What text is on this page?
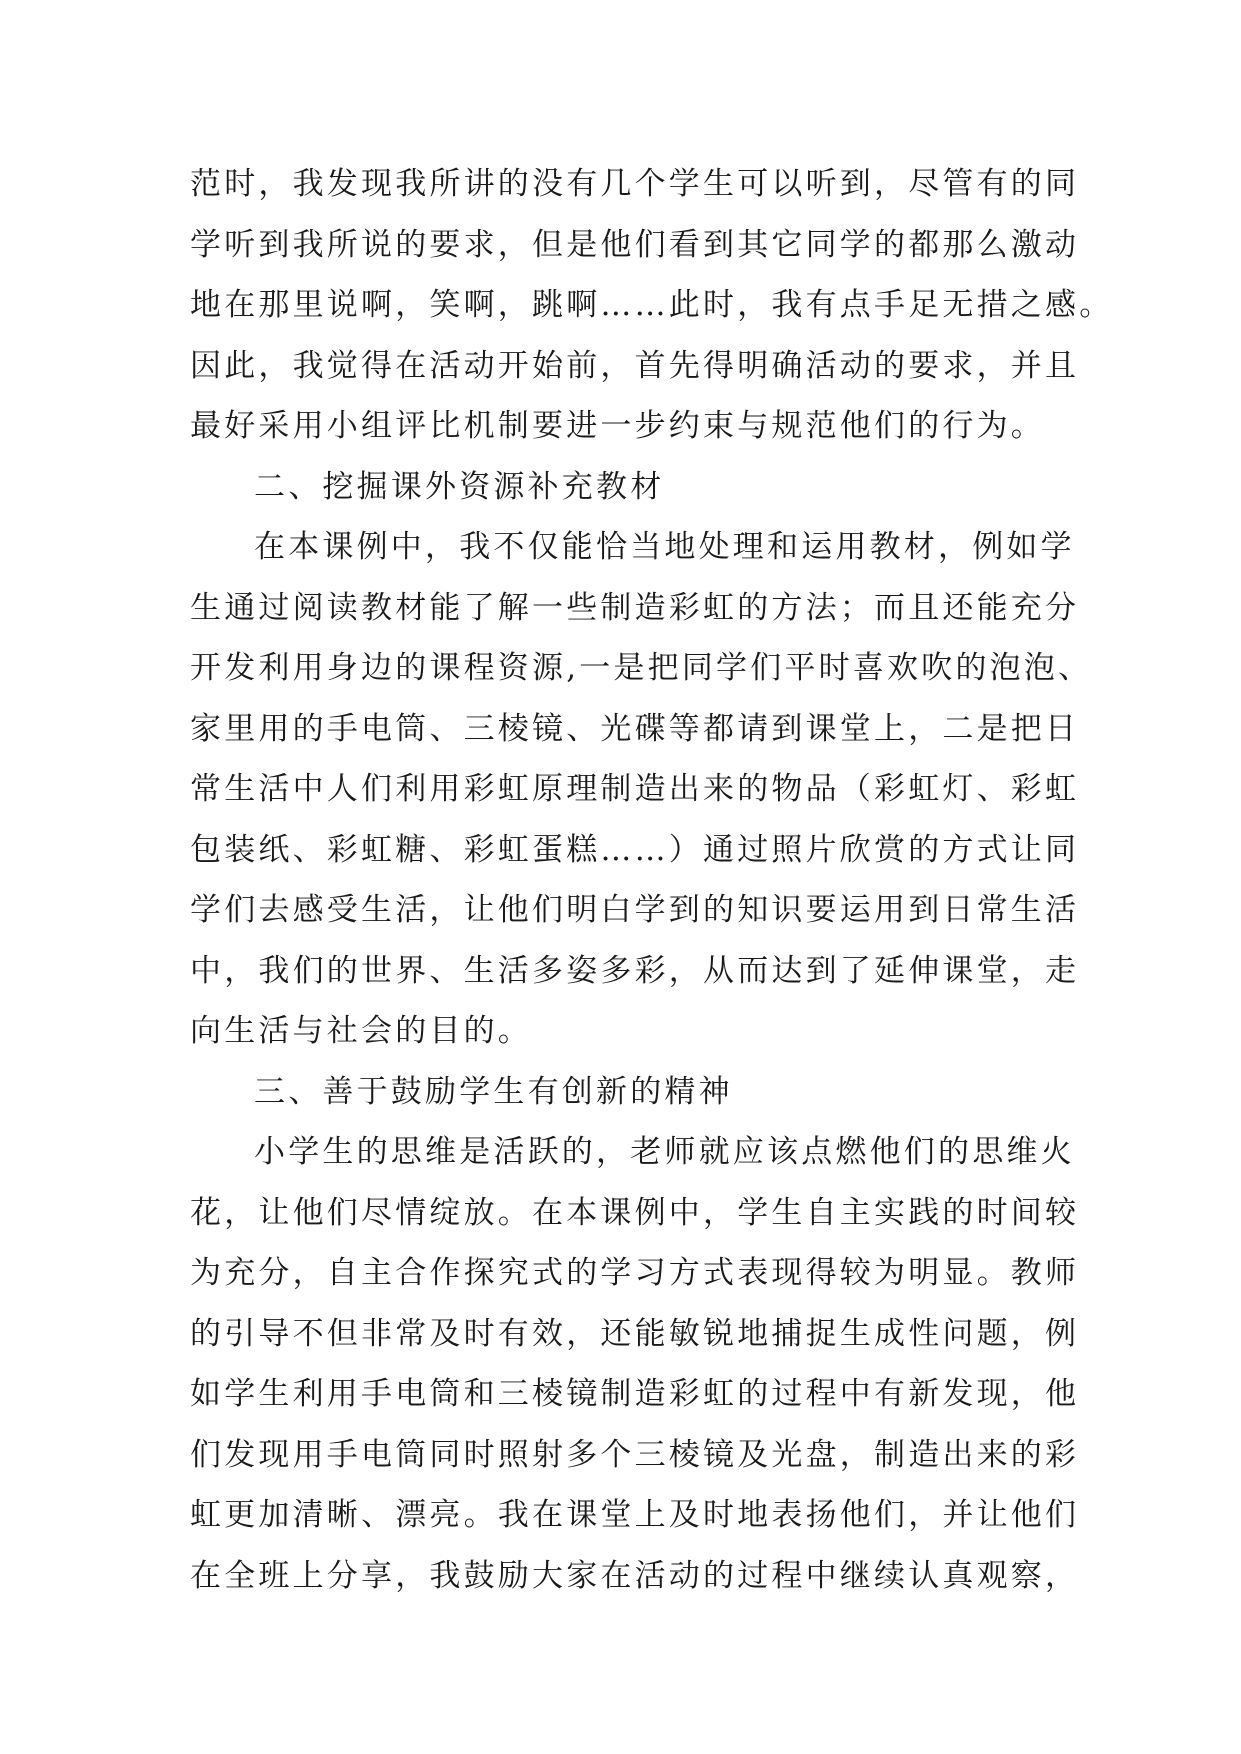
范时，我发现我所讲的没有几个学生可以听到，尽管有的同
学听到我所说的要求，但是他们看到其它同学的都那么激动
地在那里说啊，笑啊，跳啊……此时，我有点手足无措之感。
因此，我觉得在活动开始前，首先得明确活动的要求，并且
最好采用小组评比机制要进一步约束与规范他们的行为。
二、挖掘课外资源补充教材
在本课例中，我不仅能恰当地处理和运用教材，例如学
生通过阅读教材能了解一些制造彩虹的方法；而且还能充分
开发利用身边的课程资源,一是把同学们平时喜欢吹的泡泡、
家里用的手电筒、三棱镜、光碟等都请到课堂上，二是把日
常生活中人们利用彩虹原理制造出来的物品（彩虹灯、彩虹
包装纸、彩虹糖、彩虹蛋糕……）通过照片欣赏的方式让同
学们去感受生活，让他们明白学到的知识要运用到日常生活
中，我们的世界、生活多姿多彩，从而达到了延伸课堂，走
向生活与社会的目的。
三、善于鼓励学生有创新的精神
小学生的思维是活跃的，老师就应该点燃他们的思维火
花，让他们尽情绽放。在本课例中，学生自主实践的时间较
为充分，自主合作探究式的学习方式表现得较为明显。教师
的引导不但非常及时有效，还能敏锐地捕捉生成性问题，例
如学生利用手电筒和三棱镜制造彩虹的过程中有新发现，他
们发现用手电筒同时照射多个三棱镜及光盘，制造出来的彩
虹更加清晰、漂亮。我在课堂上及时地表扬他们，并让他们
在全班上分享，我鼓励大家在活动的过程中继续认真观察，
